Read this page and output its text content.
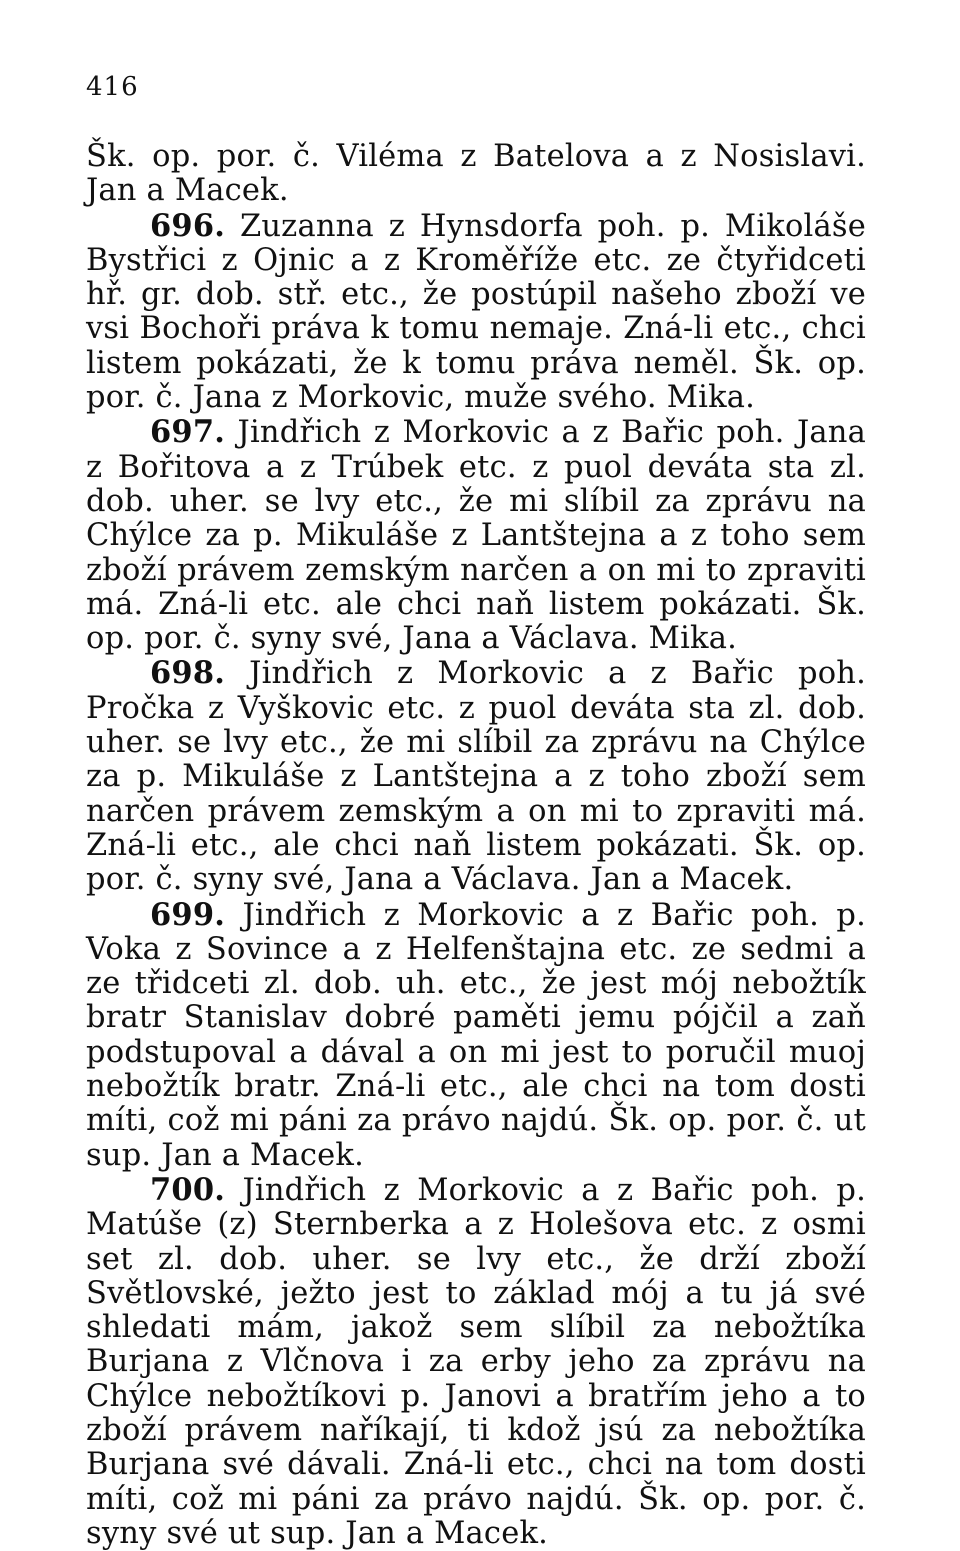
416

Šk. op. por. č. Viléma z Batelova a z Nosislavi. Jan a Macek.

696. Zuzanna z Hynsdorfa poh. p. Mikoláše Bystřici z Ojnic a z Kroměříže etc. ze čtyřidceti hř. gr. dob. stř. etc., že postúpil našeho zboží ve vsi Bochoři práva k tomu nemaje. Zná-li etc., chci listem pokázati, že k tomu práva neměl. Šk. op. por. č. Jana z Morkovic, muže svého. Mika.

697. Jindřich z Morkovic a z Bařic poh. Jana z Bořitova a z Trúbek etc. z puol deváta sta zl. dob. uher. se lvy etc., že mi slíbil za zprávu na Chýlce za p. Mikuláše z Lantštejna a z toho sem zboží právem zemským narčen a on mi to zpraviti má. Zná-li etc. ale chci naň listem pokázati. Šk. op. por. č. syny své, Jana a Václava. Mika.

698. Jindřich z Morkovic a z Bařic poh. Pročka z Vyškovic etc. z puol deváta sta zl. dob. uher. se lvy etc., že mi slíbil za zprávu na Chýlce za p. Mikuláše z Lantštejna a z toho zboží sem narčen právem zemským a on mi to zpraviti má. Zná-li etc., ale chci naň listem pokázati. Šk. op. por. č. syny své, Jana a Václava. Jan a Macek.

699. Jindřich z Morkovic a z Bařic poh. p. Voka z Sovince a z Helfenštajna etc. ze sedmi a ze třidceti zl. dob. uh. etc., že jest mój nebožtík bratr Stanislav dobré paměti jemu pójčil a zaň podstupoval a dával a on mi jest to poručil muoj nebožtík bratr. Zná-li etc., ale chci na tom dosti míti, což mi páni za právo najdú. Šk. op. por. č. ut sup. Jan a Macek.

700. Jindřich z Morkovic a z Bařic poh. p. Matúše (z) Sternberka a z Holešova etc. z osmi set zl. dob. uher. se lvy etc., že drží zboží Světlovské, ježto jest to základ mój a tu já své shledati mám, jakož sem slíbil za nebožtíka Burjana z Vlčnova i za erby jeho za zprávu na Chýlce nebožtíkovi p. Janovi a bratřím jeho a to zboží právem naříkají, ti kdož jsú za nebožtíka Burjana své dávali. Zná-li etc., chci na tom dosti míti, což mi páni za právo najdú. Šk. op. por. č. syny své ut sup. Jan a Macek.
